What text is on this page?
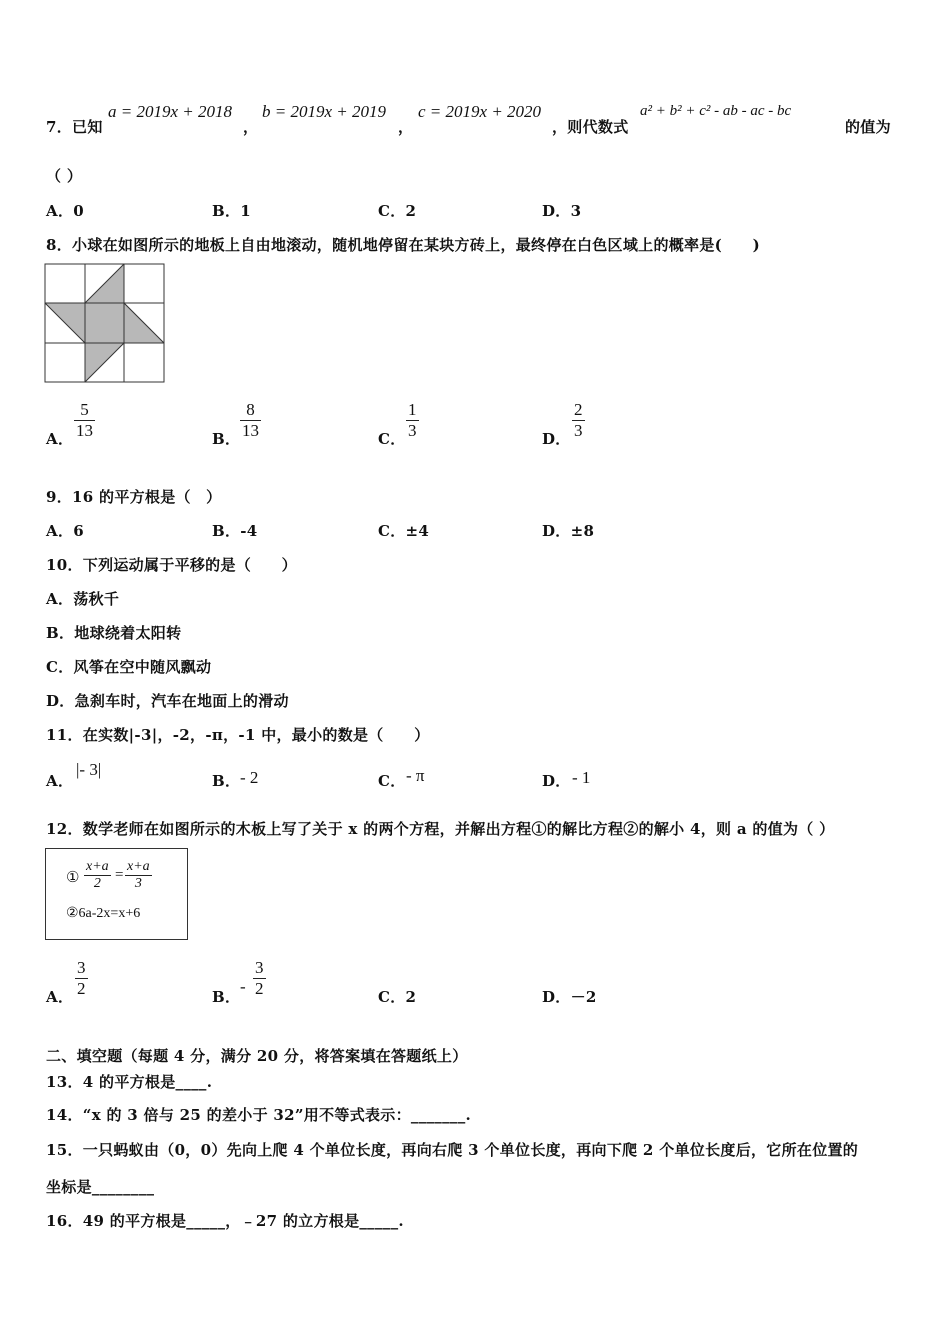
7．已知
a = 2019x + 2018
，
b = 2019x + 2019
，
c = 2019x + 2020
，则代数式
a² + b² + c² - ab - ac - bc
的值为
（ ）
A．0	B．1	C．2	D．3
8．小球在如图所示的地板上自由地滚动，随机地停留在某块方砖上，最终停在白色区域上的概率是(　　)
A．
5
13	B．
8
13	C．
1
3	D．
2
3
9．16 的平方根是（　）
A．6	B．-4	C．±4	D．±8
10．下列运动属于平移的是（　　）
A．荡秋千
B．地球绕着太阳转
C．风筝在空中随风飘动
D．急刹车时，汽车在地面上的滑动
11．在实数|-3|，-2，-π，-1 中，最小的数是（　　）
A．
|- 3|
B． - 2	C． - π	D． - 1
12．数学老师在如图所示的木板上写了关于 x 的两个方程，并解出方程①的解比方程②的解小 4，则 a 的值为（ ）
①
x+a
2
=
x+a
3
②6a-2x=x+6
A．
3
2	B．
-
3
2	C．2	D．－2
二、填空题（每题 4 分，满分 20 分，将答案填在答题纸上）
13．4 的平方根是____.
14．“x 的 3 倍与 25 的差小于 32”用不等式表示：_______.
15．一只蚂蚁由（0，0）先向上爬 4 个单位长度，再向右爬 3 个单位长度，再向下爬 2 个单位长度后，它所在位置的
坐标是________
16．49 的平方根是_____，﹣27 的立方根是_____.
